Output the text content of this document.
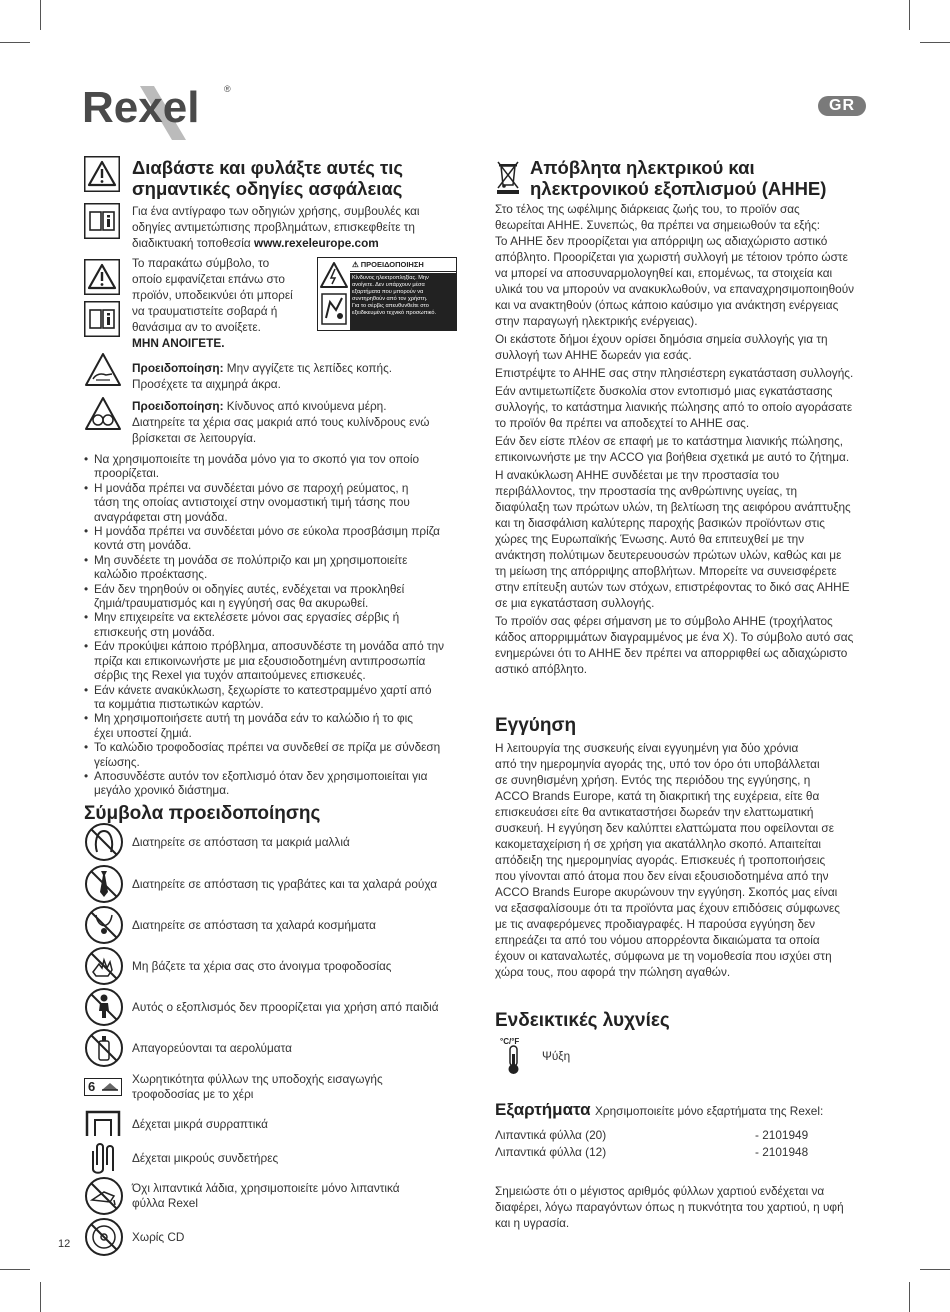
Rexel	®
GR
Διαβάστε και φυλάξτε αυτές τις
σημαντικές οδηγίες ασφάλειας
Για ένα αντίγραφο των οδηγιών χρήσης, συμβουλές και
οδηγίες αντιμετώπισης προβλημάτων, επισκεφθείτε τη
διαδικτυακή τοποθεσία www.rexeleurope.com
Το παρακάτω σύμβολο, το
οποίο εμφανίζεται επάνω στο
προϊόν, υποδεικνύει ότι μπορεί
να τραυματιστείτε σοβαρά ή
θανάσιμα αν το ανοίξετε.
ΜΗΝ ΑΝΟΙΓΕΤΕ.
⚠ ΠΡΟΕΙΔΟΠΟΙΗΣΗ
Κίνδυνος ηλεκτροπληξίας. Μην
ανοίγετε. Δεν υπάρχουν μέσα
εξαρτήματα που μπορούν να
συντηρηθούν από τον χρήστη.
Για το σέρβις απευθυνθείτε στο
εξειδικευμένο τεχνικό προσωπικό.
Προειδοποίηση: Μην αγγίζετε τις λεπίδες κοπής.
Προσέχετε τα αιχμηρά άκρα.
Προειδοποίηση: Κίνδυνος από κινούμενα μέρη.
Διατηρείτε τα χέρια σας μακριά από τους κυλίνδρους ενώ
βρίσκεται σε λειτουργία.
• Να χρησιμοποιείτε τη μονάδα μόνο για το σκοπό για τον οποίο
προορίζεται.
• Η μονάδα πρέπει να συνδέεται μόνο σε παροχή ρεύματος, η
τάση της οποίας αντιστοιχεί στην ονομαστική τιμή τάσης που
αναγράφεται στη μονάδα.
• Η μονάδα πρέπει να συνδέεται μόνο σε εύκολα προσβάσιμη πρίζα
κοντά στη μονάδα.
• Μη συνδέετε τη μονάδα σε πολύπριζο και μη χρησιμοποιείτε
καλώδιο προέκτασης.
• Εάν δεν τηρηθούν οι οδηγίες αυτές, ενδέχεται να προκληθεί
ζημιά/τραυματισμός και η εγγύησή σας θα ακυρωθεί.
• Μην επιχειρείτε να εκτελέσετε μόνοι σας εργασίες σέρβις ή
επισκευής στη μονάδα.
• Εάν προκύψει κάποιο πρόβλημα, αποσυνδέστε τη μονάδα από την
πρίζα και επικοινωνήστε με μια εξουσιοδοτημένη αντιπροσωπία
σέρβις της Rexel για τυχόν απαιτούμενες επισκευές.
• Εάν κάνετε ανακύκλωση, ξεχωρίστε το κατεστραμμένο χαρτί από
τα κομμάτια πιστωτικών καρτών.
• Μη χρησιμοποιήσετε αυτή τη μονάδα εάν το καλώδιο ή το φις
έχει υποστεί ζημιά.
• Το καλώδιο τροφοδοσίας πρέπει να συνδεθεί σε πρίζα με σύνδεση
γείωσης.
• Αποσυνδέστε αυτόν τον εξοπλισμό όταν δεν χρησιμοποιείται για
μεγάλο χρονικό διάστημα.
Σύμβολα προειδοποίησης
Διατηρείτε σε απόσταση τα μακριά μαλλιά
Διατηρείτε σε απόσταση τις γραβάτες και τα χαλαρά ρούχα
Διατηρείτε σε απόσταση τα χαλαρά κοσμήματα
Μη βάζετε τα χέρια σας στο άνοιγμα τροφοδοσίας
Αυτός ο εξοπλισμός δεν προορίζεται για χρήση από παιδιά
Απαγορεύονται τα αερολύματα
6	Χωρητικότητα φύλλων της υποδοχής εισαγωγής
τροφοδοσίας με το χέρι
Δέχεται μικρά συρραπτικά
Δέχεται μικρούς συνδετήρες
Όχι λιπαντικά λάδια, χρησιμοποιείτε μόνο λιπαντικά
φύλλα Rexel
Χωρίς CD
12
Απόβλητα ηλεκτρικού και
ηλεκτρονικού εξοπλισμού (ΑΗΗΕ)
Στο τέλος της ωφέλιμης διάρκειας ζωής του, το προϊόν σας
θεωρείται ΑΗΗΕ. Συνεπώς, θα πρέπει να σημειωθούν τα εξής:
Το ΑΗΗΕ δεν προορίζεται για απόρριψη ως αδιαχώριστο αστικό
απόβλητο. Προορίζεται για χωριστή συλλογή με τέτοιον τρόπο ώστε
να μπορεί να αποσυναρμολογηθεί και, επομένως, τα στοιχεία και
υλικά του να μπορούν να ανακυκλωθούν, να επαναχρησιμοποιηθούν
και να ανακτηθούν (όπως κάποιο καύσιμο για ανάκτηση ενέργειας
στην παραγωγή ηλεκτρικής ενέργειας).
Οι εκάστοτε δήμοι έχουν ορίσει δημόσια σημεία συλλογής για τη
συλλογή των ΑΗΗΕ δωρεάν για εσάς.
Επιστρέψτε το ΑΗΗΕ σας στην πλησιέστερη εγκατάσταση συλλογής.
Εάν αντιμετωπίζετε δυσκολία στον εντοπισμό μιας εγκατάστασης
συλλογής, το κατάστημα λιανικής πώλησης από το οποίο αγοράσατε
το προϊόν θα πρέπει να αποδεχτεί το ΑΗΗΕ σας.
Εάν δεν είστε πλέον σε επαφή με το κατάστημα λιανικής πώλησης,
επικοινωνήστε με την ACCO για βοήθεια σχετικά με αυτό το ζήτημα.
Η ανακύκλωση ΑΗΗΕ συνδέεται με την προστασία του
περιβάλλοντος, την προστασία της ανθρώπινης υγείας, τη
διαφύλαξη των πρώτων υλών, τη βελτίωση της αειφόρου ανάπτυξης
και τη διασφάλιση καλύτερης παροχής βασικών προϊόντων στις
χώρες της Ευρωπαϊκής Ένωσης. Αυτό θα επιτευχθεί με την
ανάκτηση πολύτιμων δευτερευουσών πρώτων υλών, καθώς και με
τη μείωση της απόρριψης αποβλήτων. Μπορείτε να συνεισφέρετε
στην επίτευξη αυτών των στόχων, επιστρέφοντας το δικό σας ΑΗΗΕ
σε μια εγκατάσταση συλλογής.
Το προϊόν σας φέρει σήμανση με το σύμβολο ΑΗΗΕ (τροχήλατος
κάδος απορριμμάτων διαγραμμένος με ένα Χ). Το σύμβολο αυτό σας
ενημερώνει ότι το ΑΗΗΕ δεν πρέπει να απορριφθεί ως αδιαχώριστο
αστικό απόβλητο.
Εγγύηση
Η λειτουργία της συσκευής είναι εγγυημένη για δύο χρόνια
από την ημερομηνία αγοράς της, υπό τον όρο ότι υποβάλλεται
σε συνηθισμένη χρήση. Εντός της περιόδου της εγγύησης, η
ACCO Brands Europe, κατά τη διακριτική της ευχέρεια, είτε θα
επισκευάσει είτε θα αντικαταστήσει δωρεάν την ελαττωματική
συσκευή. Η εγγύηση δεν καλύπτει ελαττώματα που οφείλονται σε
κακομεταχείριση ή σε χρήση για ακατάλληλο σκοπό. Απαιτείται
απόδειξη της ημερομηνίας αγοράς. Επισκευές ή τροποποιήσεις
που γίνονται από άτομα που δεν είναι εξουσιοδοτημένα από την
ACCO Brands Europe ακυρώνουν την εγγύηση. Σκοπός μας είναι
να εξασφαλίσουμε ότι τα προϊόντα μας έχουν επιδόσεις σύμφωνες
με τις αναφερόμενες προδιαγραφές. Η παρούσα εγγύηση δεν
επηρεάζει τα από του νόμου απορρέοντα δικαιώματα τα οποία
έχουν οι καταναλωτές, σύμφωνα με τη νομοθεσία που ισχύει στη
χώρα τους, που αφορά την πώληση αγαθών.
Ενδεικτικές λυχνίες
°C/°F
Ψύξη
Εξαρτήματα Χρησιμοποιείτε μόνο εξαρτήματα της Rexel:
Λιπαντικά φύλλα (20)	- 2101949
Λιπαντικά φύλλα (12)	- 2101948
Σημειώστε ότι ο μέγιστος αριθμός φύλλων χαρτιού ενδέχεται να
διαφέρει, λόγω παραγόντων όπως η πυκνότητα του χαρτιού, η υφή
και η υγρασία.
